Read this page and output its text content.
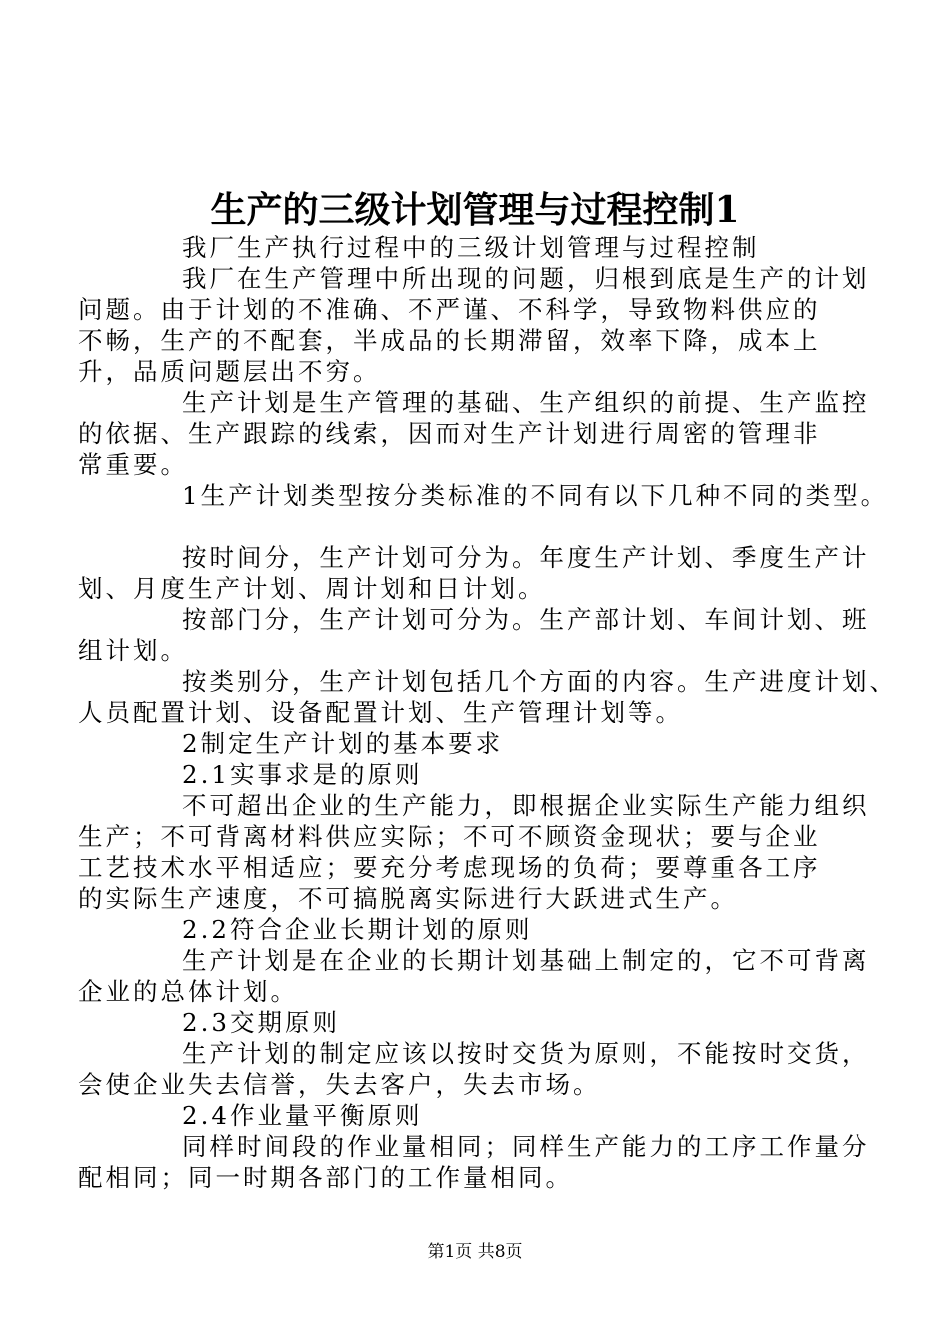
生产的三级计划管理与过程控制1

我厂生产执行过程中的三级计划管理与过程控制

我厂在生产管理中所出现的问题，归根到底是生产的计划
问题。由于计划的不准确、不严谨、不科学，导致物料供应的
不畅，生产的不配套，半成品的长期滞留，效率下降，成本上
升，品质问题层出不穷。

生产计划是生产管理的基础、生产组织的前提、生产监控
的依据、生产跟踪的线索，因而对生产计划进行周密的管理非
常重要。

1生产计划类型按分类标准的不同有以下几种不同的类型。

按时间分，生产计划可分为。年度生产计划、季度生产计
划、月度生产计划、周计划和日计划。

按部门分，生产计划可分为。生产部计划、车间计划、班
组计划。

按类别分，生产计划包括几个方面的内容。生产进度计划、
人员配置计划、设备配置计划、生产管理计划等。

2制定生产计划的基本要求

2.1实事求是的原则

不可超出企业的生产能力，即根据企业实际生产能力组织
生产；不可背离材料供应实际；不可不顾资金现状；要与企业
工艺技术水平相适应；要充分考虑现场的负荷；要尊重各工序
的实际生产速度，不可搞脱离实际进行大跃进式生产。

2.2符合企业长期计划的原则

生产计划是在企业的长期计划基础上制定的，它不可背离
企业的总体计划。

2.3交期原则

生产计划的制定应该以按时交货为原则，不能按时交货，
会使企业失去信誉，失去客户，失去市场。

2.4作业量平衡原则

同样时间段的作业量相同；同样生产能力的工序工作量分
配相同；同一时期各部门的工作量相同。

第1页 共8页
